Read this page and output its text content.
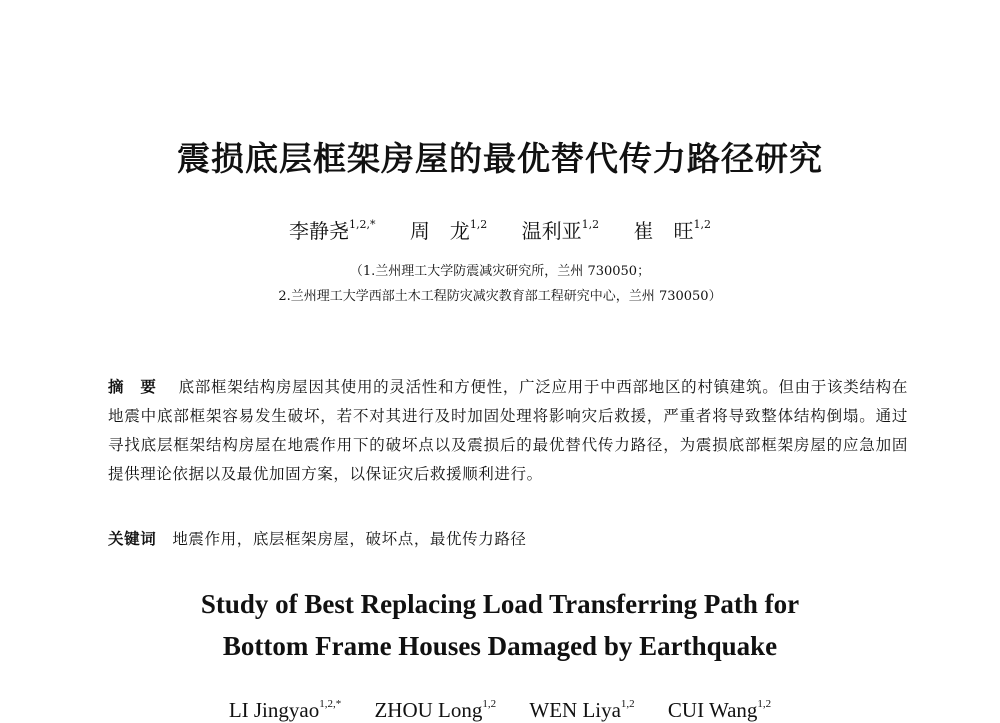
震损底层框架房屋的最优替代传力路径研究
李静尧$^{1,2,*}$ 周　龙$^{1,2}$ 温利亚$^{1,2}$ 崔　旺$^{1,2}$
（1.兰州理工大学防震减灾研究所，兰州 730050；
2.兰州理工大学西部土木工程防灾减灾教育部工程研究中心，兰州 730050）
摘　要 底部框架结构房屋因其使用的灵活性和方便性，广泛应用于中西部地区的村镇建筑。但由于该类结构在地震中底部框架容易发生破坏，若不对其进行及时加固处理将影响灾后救援，严重者将导致整体结构倒塌。通过寻找底层框架结构房屋在地震作用下的破坏点以及震损后的最优替代传力路径，为震损底部框架房屋的应急加固提供理论依据以及最优加固方案，以保证灾后救援顺利进行。
关键词 地震作用，底层框架房屋，破坏点，最优传力路径
Study of Best Replacing Load Transferring Path for
Bottom Frame Houses Damaged by Earthquake
LI Jingyao$^{1,2,*}$ ZHOU Long$^{1,2}$ WEN Liya$^{1,2}$ CUI Wang$^{1,2}$
